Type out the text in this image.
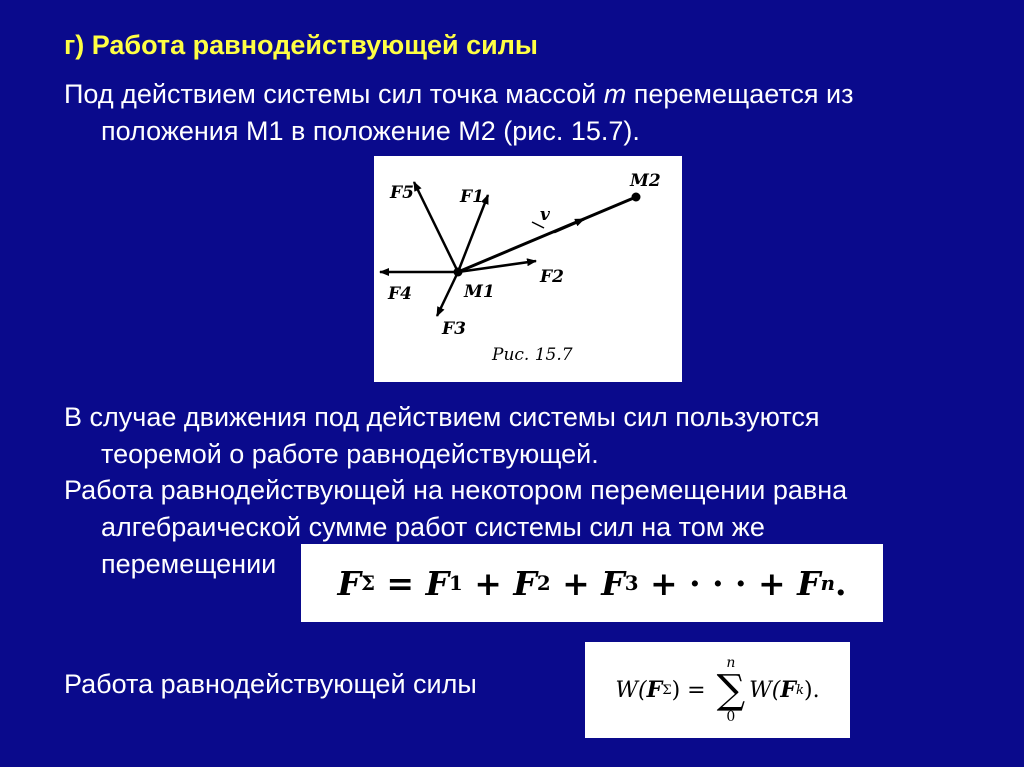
г) Работа равнодействующей силы
Под действием системы сил точка массой m перемещается из
положения М1 в положение М2 (рис. 15.7).
F5	F1
v
M2
F2
M1
F4
F3
Рис. 15.7
В случае движения под действием системы сил пользуются
теоремой о работе равнодействующей.
Работа равнодействующей на некотором перемещении равна
алгебраической сумме работ системы сил на том же
перемещении	F Σ = F 1 + F 2 + F 3 + · · · + F n .
Работа равнодействующей силы	W( F Σ ) =
n
∑
0
W( F k ).
